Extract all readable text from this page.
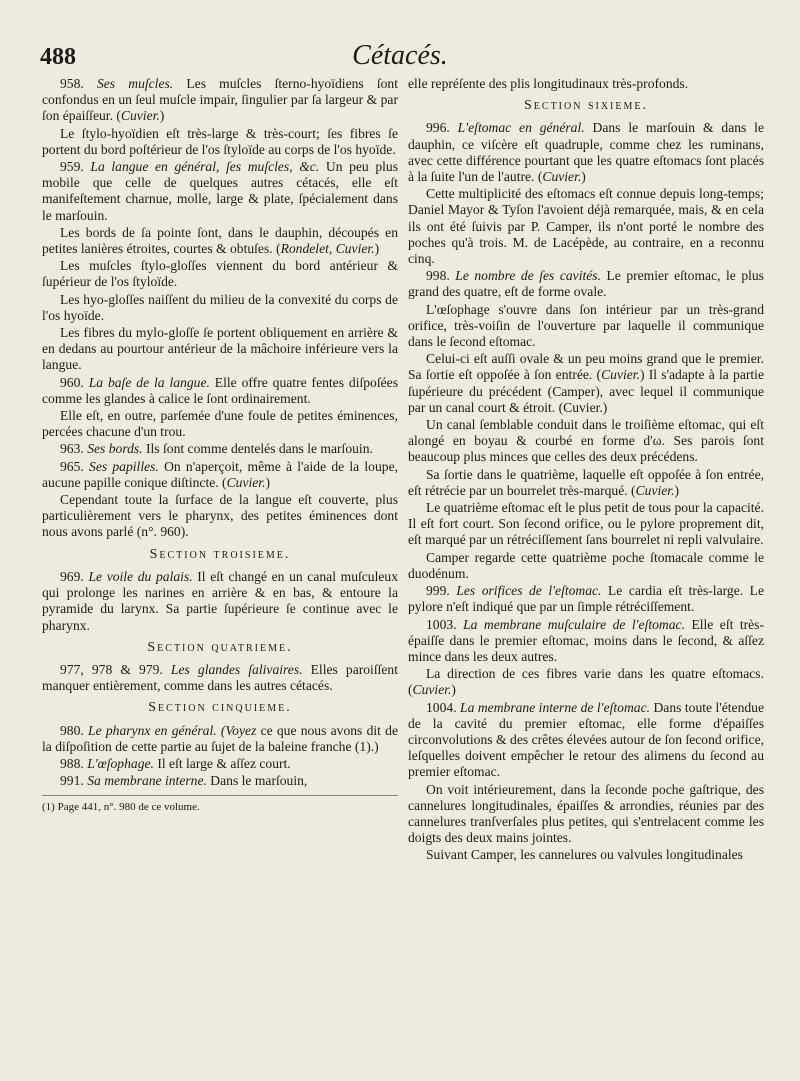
488	Cétacés.

958. Ses muſcles. Les muſcles ſterno-hyoïdiens ſont confondus en un ſeul muſcle impair, ſingulier par ſa largeur & par ſon épaiſſeur. (Cuvier.)

Le ſtylo-hyoïdien eſt très-large & très-court; ſes fibres ſe portent du bord poſtérieur de l'os ſtyloïde au corps de l'os hyoïde.

959. La langue en général, ſes muſcles, &c. Un peu plus mobile que celle de quelques autres cétacés, elle eſt manifeſtement charnue, molle, large & plate, ſpécialement dans le marſouin.

Les bords de ſa pointe ſont, dans le dauphin, découpés en petites lanières étroites, courtes & obtuſes. (Rondelet, Cuvier.)

Les muſcles ſtylo-gloſſes viennent du bord antérieur & ſupérieur de l'os ſtyloïde.

Les hyo-gloſſes naiſſent du milieu de la convexité du corps de l'os hyoïde.

Les fibres du mylo-gloſſe ſe portent obliquement en arrière & en dedans au pourtour antérieur de la mâchoire inférieure vers la langue.

960. La baſe de la langue. Elle offre quatre fentes diſpoſées comme les glandes à calice le ſont ordinairement.

Elle eſt, en outre, parſemée d'une foule de petites éminences, percées chacune d'un trou.

963. Ses bords. Ils ſont comme dentelés dans le marſouin.

965. Ses papilles. On n'aperçoit, même à l'aide de la loupe, aucune papille conique diſtincte. (Cuvier.)

Cependant toute la ſurface de la langue eſt couverte, plus particulièrement vers le pharynx, des petites éminences dont nous avons parlé (n°. 960).

Section troisieme.

969. Le voile du palais. Il eſt changé en un canal muſculeux qui prolonge les narines en arrière & en bas, & entoure la pyramide du larynx. Sa partie ſupérieure ſe continue avec le pharynx.

Section quatrieme.

977, 978 & 979. Les glandes ſalivaires. Elles paroiſſent manquer entièrement, comme dans les autres cétacés.

Section cinquieme.

980. Le pharynx en général. (Voyez ce que nous avons dit de la diſpoſition de cette partie au ſujet de la baleine franche (1).)

988. L'œſophage. Il eſt large & aſſez court.

991. Sa membrane interne. Dans le marſouin,

(1) Page 441, n°. 980 de ce volume.

elle repréſente des plis longitudinaux très-profonds.

Section sixieme.

996. L'eſtomac en général. Dans le marſouin & dans le dauphin, ce viſcère eſt quadruple, comme chez les ruminans, avec cette différence pourtant que les quatre eſtomacs ſont placés à la ſuite l'un de l'autre. (Cuvier.)

Cette multiplicité des eſtomacs eſt connue depuis long-temps; Daniel Mayor & Tyſon l'avoient déjà remarquée, mais, & en cela ils ont été ſuivis par P. Camper, ils n'ont porté le nombre des poches qu'à trois. M. de Lacépède, au contraire, en a reconnu cinq.

998. Le nombre de ſes cavités. Le premier eſtomac, le plus grand des quatre, eſt de forme ovale.

L'œſophage s'ouvre dans ſon intérieur par un très-grand orifice, très-voiſin de l'ouverture par laquelle il communique dans le ſecond eſtomac.

Celui-ci eſt auſſi ovale & un peu moins grand que le premier. Sa ſortie eſt oppoſée à ſon entrée. (Cuvier.) Il s'adapte à la partie ſupérieure du précédent (Camper), avec lequel il communique par un canal court & étroit. (Cuvier.)

Un canal ſemblable conduit dans le troiſième eſtomac, qui eſt alongé en boyau & courbé en forme d'ω. Ses parois ſont beaucoup plus minces que celles des deux précédens.

Sa ſortie dans le quatrième, laquelle eſt oppoſée à ſon entrée, eſt rétrécie par un bourrelet très-marqué. (Cuvier.)

Le quatrième eſtomac eſt le plus petit de tous pour la capacité. Il eſt fort court. Son ſecond orifice, ou le pylore proprement dit, eſt marqué par un rétréciſſement ſans bourrelet ni repli valvulaire.

Camper regarde cette quatrième poche ſtomacale comme le duodénum.

999. Les orifices de l'eſtomac. Le cardia eſt très-large. Le pylore n'eſt indiqué que par un ſimple rétréciſſement.

1003. La membrane muſculaire de l'eſtomac. Elle eſt très-épaiſſe dans le premier eſtomac, moins dans le ſecond, & aſſez mince dans les deux autres.

La direction de ces fibres varie dans les quatre eſtomacs. (Cuvier.)

1004. La membrane interne de l'eſtomac. Dans toute l'étendue de la cavité du premier eſtomac, elle forme d'épaiſſes circonvolutions & des crêtes élevées autour de ſon ſecond orifice, leſquelles doivent empêcher le retour des alimens du ſecond au premier eſtomac.

On voit intérieurement, dans la ſeconde poche gaſtrique, des cannelures longitudinales, épaiſſes & arrondies, réunies par des cannelures tranſverſales plus petites, qui s'entrelacent comme les doigts des deux mains jointes.

Suivant Camper, les cannelures ou valvules longitudinales
